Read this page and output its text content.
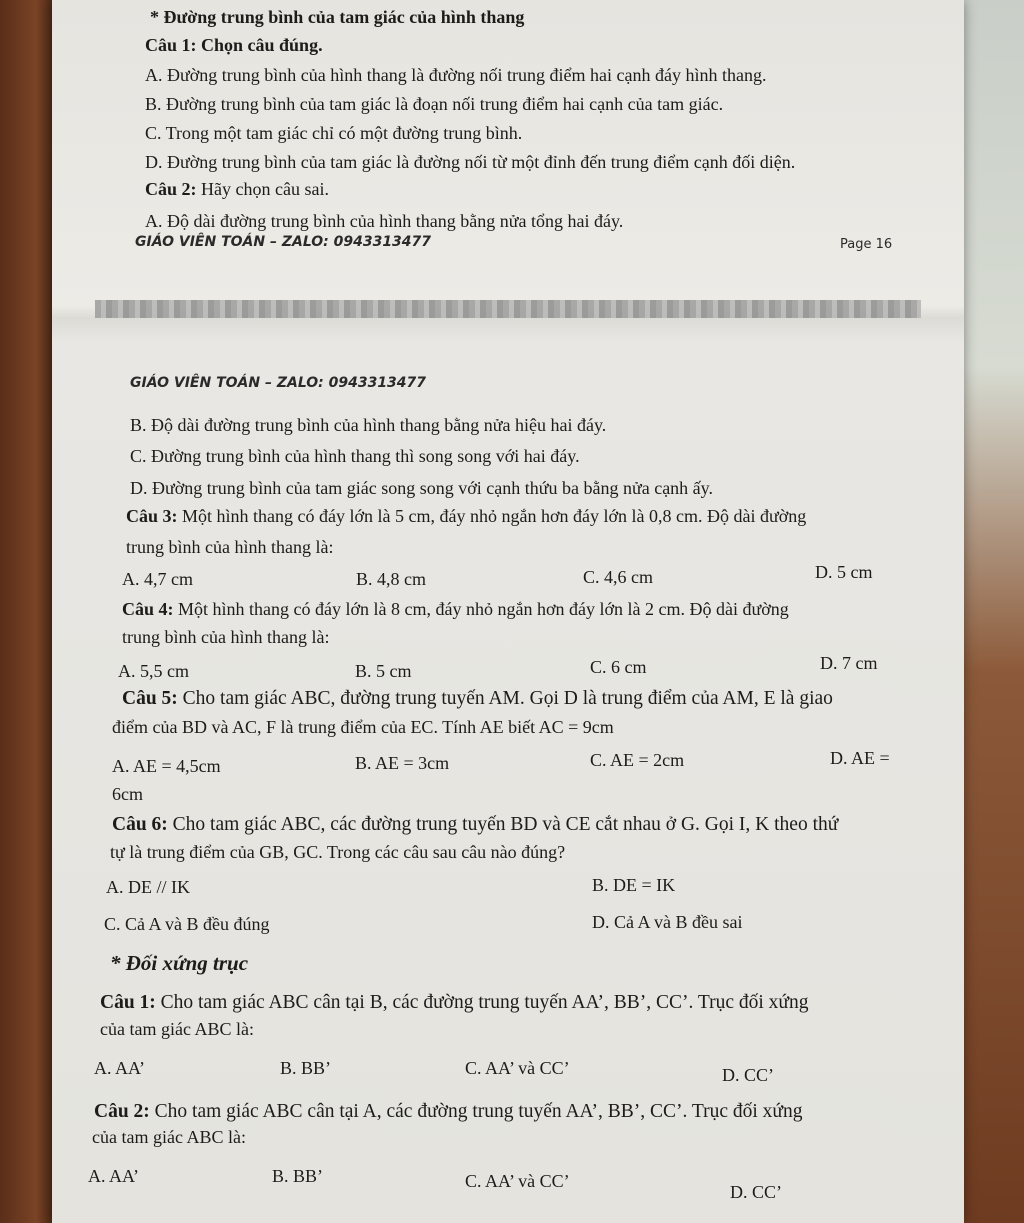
* Đường trung bình của tam giác của hình thang
Câu 1: Chọn câu đúng.
A. Đường trung bình của hình thang là đường nối trung điểm hai cạnh đáy hình thang.
B. Đường trung bình của tam giác là đoạn nối trung điểm hai cạnh của tam giác.
C. Trong một tam giác chỉ có một đường trung bình.
D. Đường trung bình của tam giác là đường nối từ một đỉnh đến trung điểm cạnh đối diện.
Câu 2: Hãy chọn câu sai.
A. Độ dài đường trung bình của hình thang bằng nửa tổng hai đáy.
GIÁO VIÊN TOÁN – ZALO: 0943313477	Page 16
GIÁO VIÊN TOÁN – ZALO: 0943313477
B. Độ dài đường trung bình của hình thang bằng nửa hiệu hai đáy.
C. Đường trung bình của hình thang thì song song với hai đáy.
D. Đường trung bình của tam giác song song với cạnh thứu ba bằng nửa cạnh ấy.
Câu 3: Một hình thang có đáy lớn là 5 cm, đáy nhỏ ngắn hơn đáy lớn là 0,8 cm. Độ dài đường
trung bình của hình thang là:
A. 4,7 cm	B. 4,8 cm	C. 4,6 cm	D. 5 cm
Câu 4: Một hình thang có đáy lớn là 8 cm, đáy nhỏ ngắn hơn đáy lớn là 2 cm. Độ dài đường
trung bình của hình thang là:
A. 5,5 cm	B. 5 cm	C. 6 cm	D. 7 cm
Câu 5: Cho tam giác ABC, đường trung tuyến AM. Gọi D là trung điểm của AM, E là giao
điểm của BD và AC, F là trung điểm của EC. Tính AE biết AC = 9cm
A. AE = 4,5cm	B. AE = 3cm	C. AE = 2cm	D. AE =
6cm
Câu 6: Cho tam giác ABC, các đường trung tuyến BD và CE cắt nhau ở G. Gọi I, K theo thứ
tự là trung điểm của GB, GC. Trong các câu sau câu nào đúng?
A. DE // IK	B. DE = IK
C. Cả A và B đều đúng	D. Cả A và B đều sai
* Đối xứng trục
Câu 1: Cho tam giác ABC cân tại B, các đường trung tuyến AA’, BB’, CC’. Trục đối xứng
của tam giác ABC là:
A. AA’	B. BB’	C. AA’ và CC’	D. CC’
Câu 2: Cho tam giác ABC cân tại A, các đường trung tuyến AA’, BB’, CC’. Trục đối xứng
của tam giác ABC là:
A. AA’	B. BB’	C. AA’ và CC’
D. CC’
